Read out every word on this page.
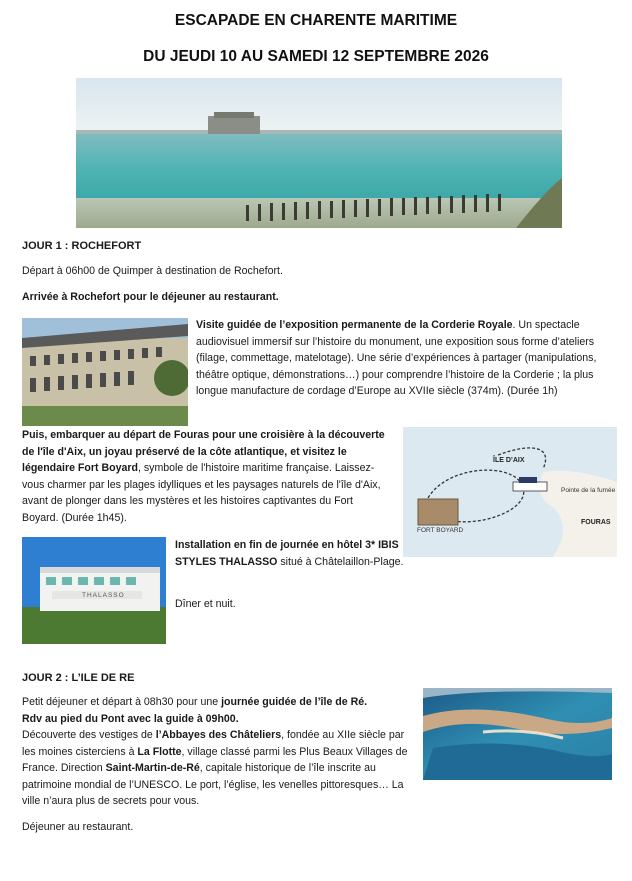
ESCAPADE EN CHARENTE MARITIME
DU JEUDI 10 AU SAMEDI 12 SEPTEMBRE 2026
JOUR 1 : ROCHEFORT
Départ à 06h00 de Quimper à destination de Rochefort.
Arrivée à Rochefort pour le déjeuner au restaurant.
Visite guidée de l’exposition permanente de la Corderie Royale. Un spectacle audiovisuel immersif sur l’histoire du monument, une exposition sous forme d’ateliers (filage, commettage, matelotage). Une série d’expériences à partager (manipulations, théâtre optique, démonstrations…) pour comprendre l’histoire de la Corderie ; la plus longue manufacture de cordage d’Europe au XVIIe siècle (374m). (Durée 1h)
Puis, embarquer au départ de Fouras pour une croisière à la découverte de l'île d'Aix, un joyau préservé de la côte atlantique, et visitez le légendaire Fort Boyard, symbole de l'histoire maritime française. Laissez-vous charmer par les plages idylliques et les paysages naturels de l'île d'Aix, avant de plonger dans les mystères et les histoires captivantes du Fort Boyard. (Durée 1h45).
ÎLE D’AIX
Pointe de la fumée
FORT BOYARD
FOURAS
THALASSO
Installation en fin de journée en hôtel 3* IBIS STYLES THALASSO situé à Châtelaillon-Plage.
Dîner et nuit.
JOUR 2 : L’ILE DE RE
Petit déjeuner et départ à 08h30 pour une journée guidée de l’île de Ré.
Rdv au pied du Pont avec la guide à 09h00.
Découverte des vestiges de l’Abbayes des Châteliers, fondée au XIIe siècle par les moines cisterciens à La Flotte, village classé parmi les Plus Beaux Villages de France. Direction Saint-Martin-de-Ré, capitale historique de l’île inscrite au patrimoine mondial de l’UNESCO. Le port, l’église, les venelles pittoresques… La ville n’aura plus de secrets pour vous.
Déjeuner au restaurant.
